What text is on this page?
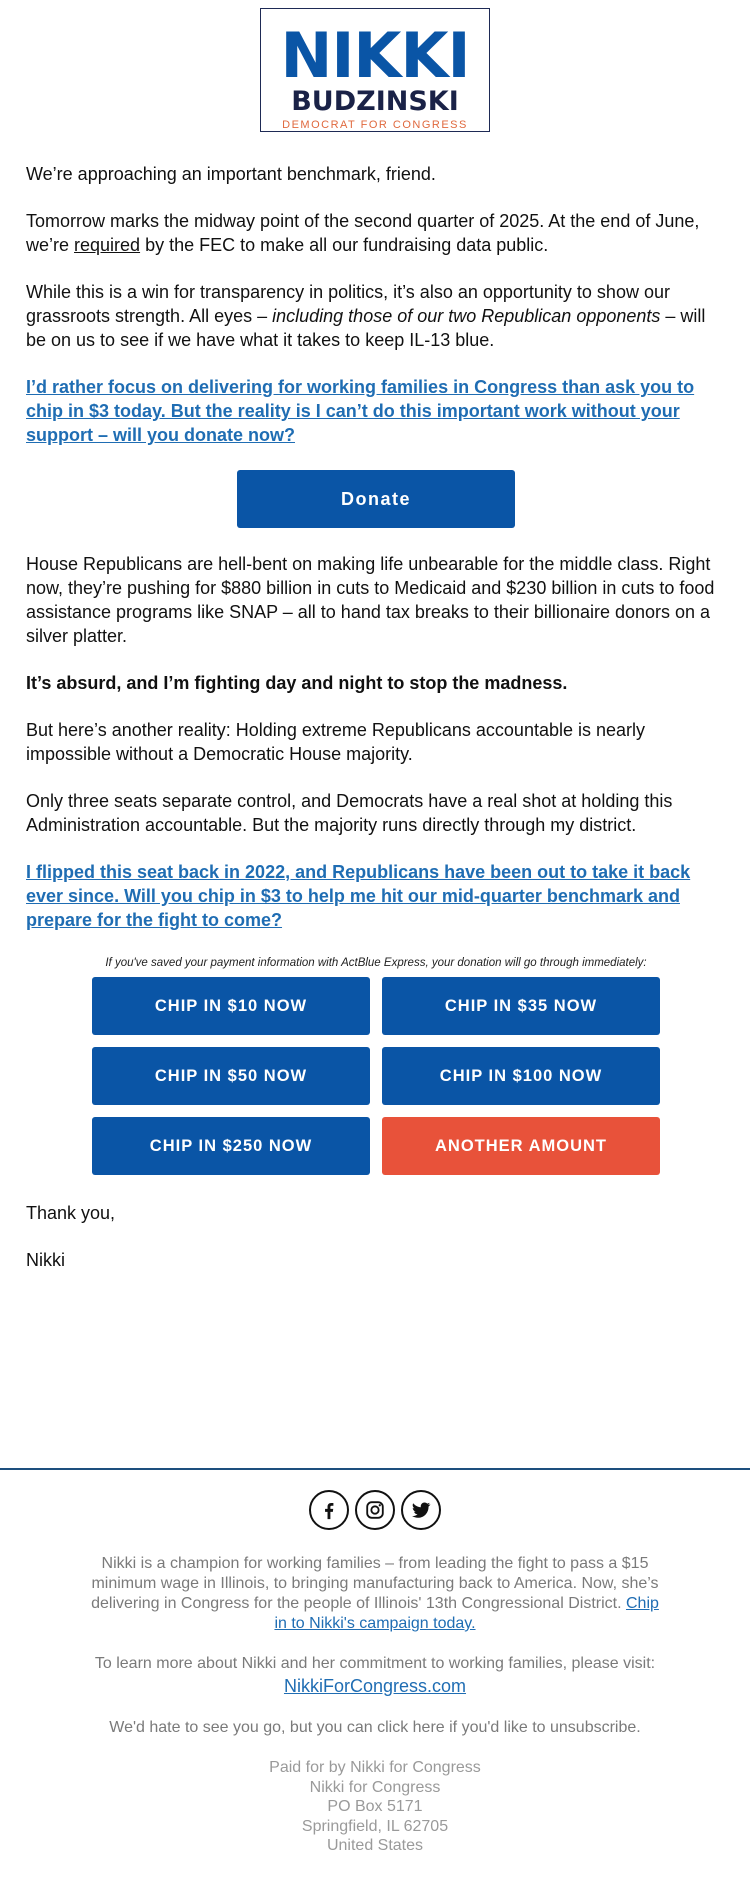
NIKKI
BUDZINSKI
DEMOCRAT FOR CONGRESS

We’re approaching an important benchmark, friend.

Tomorrow marks the midway point of the second quarter of 2025. At the end of June, we’re required by the FEC to make all our fundraising data public.

While this is a win for transparency in politics, it’s also an opportunity to show our grassroots strength. All eyes – including those of our two Republican opponents – will be on us to see if we have what it takes to keep IL-13 blue.

I’d rather focus on delivering for working families in Congress than ask you to chip in $3 today. But the reality is I can’t do this important work without your support – will you donate now?

Donate

House Republicans are hell-bent on making life unbearable for the middle class. Right now, they’re pushing for $880 billion in cuts to Medicaid and $230 billion in cuts to food assistance programs like SNAP – all to hand tax breaks to their billionaire donors on a silver platter.

It’s absurd, and I’m fighting day and night to stop the madness.

But here’s another reality: Holding extreme Republicans accountable is nearly impossible without a Democratic House majority.

Only three seats separate control, and Democrats have a real shot at holding this Administration accountable. But the majority runs directly through my district.

I flipped this seat back in 2022, and Republicans have been out to take it back ever since. Will you chip in $3 to help me hit our mid-quarter benchmark and prepare for the fight to come?

If you've saved your payment information with ActBlue Express, your donation will go through immediately:
CHIP IN $10 NOW	CHIP IN $35 NOW
CHIP IN $50 NOW	CHIP IN $100 NOW
CHIP IN $250 NOW	ANOTHER AMOUNT

Thank you,

Nikki

Nikki is a champion for working families – from leading the fight to pass a $15 minimum wage in Illinois, to bringing manufacturing back to America. Now, she’s delivering in Congress for the people of Illinois' 13th Congressional District. Chip in to Nikki's campaign today.

To learn more about Nikki and her commitment to working families, please visit:
NikkiForCongress.com

We'd hate to see you go, but you can click here if you'd like to unsubscribe.

Paid for by Nikki for Congress
Nikki for Congress
PO Box 5171
Springfield, IL 62705
United States
